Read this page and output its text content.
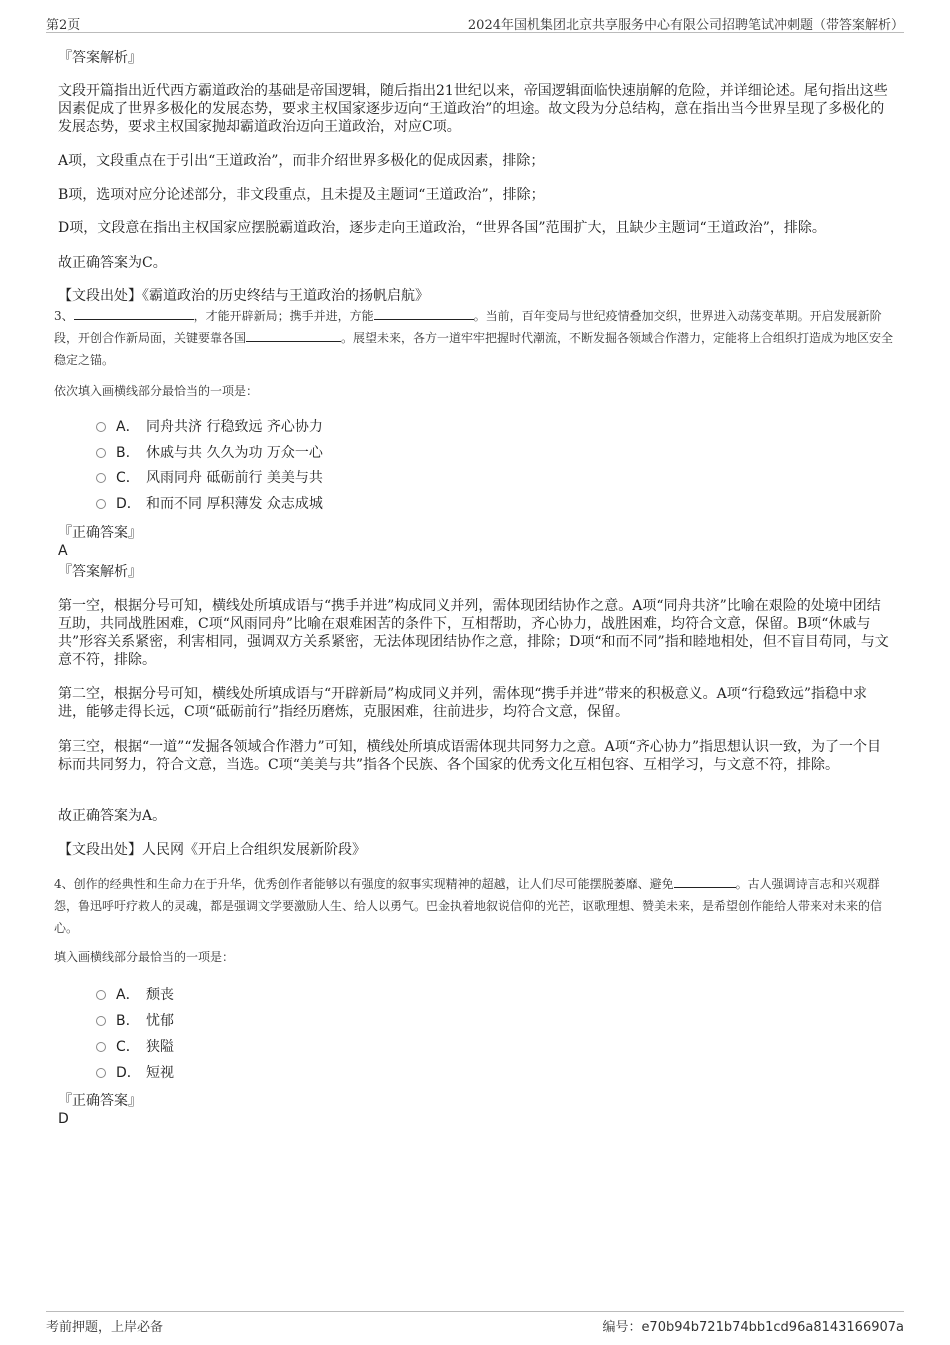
第2页	2024年国机集团北京共享服务中心有限公司招聘笔试冲刺题（带答案解析）
『答案解析』
文段开篇指出近代西方霸道政治的基础是帝国逻辑，随后指出21世纪以来，帝国逻辑面临快速崩解的危险，并详细论述。尾句指出这些因素促成了世界多极化的发展态势，要求主权国家逐步迈向“王道政治”的坦途。故文段为分总结构，意在指出当今世界呈现了多极化的发展态势，要求主权国家抛却霸道政治迈向王道政治，对应C项。
A项，文段重点在于引出“王道政治”，而非介绍世界多极化的促成因素，排除；
B项，选项对应分论述部分，非文段重点，且未提及主题词“王道政治”，排除；
D项，文段意在指出主权国家应摆脱霸道政治，逐步走向王道政治，“世界各国”范围扩大，且缺少主题词“王道政治”，排除。
故正确答案为C。
【文段出处】《霸道政治的历史终结与王道政治的扬帆启航》
3、	，才能开辟新局；携手并进，方能	。当前，百年变局与世纪疫情叠加交织，世界进入动荡变革期。开启发展新阶段，开创合作新局面，关键要靠各国	。展望未来，各方一道牢牢把握时代潮流，不断发掘各领域合作潜力，定能将上合组织打造成为地区安全稳定之锚。
依次填入画横线部分最恰当的一项是：
A． 同舟共济 行稳致远 齐心协力
B. 休戚与共 久久为功 万众一心
C． 风雨同舟 砥砺前行 美美与共
D． 和而不同 厚积薄发 众志成城
『正确答案』
A
『答案解析』
第一空，根据分号可知，横线处所填成语与“携手并进”构成同义并列，需体现团结协作之意。A项“同舟共济”比喻在艰险的处境中团结互助，共同战胜困难，C项“风雨同舟”比喻在艰难困苦的条件下，互相帮助，齐心协力，战胜困难，均符合文意，保留。B项“休戚与共”形容关系紧密，利害相同，强调双方关系紧密，无法体现团结协作之意，排除；D项“和而不同”指和睦地相处，但不盲目苟同，与文意不符，排除。
第二空，根据分号可知，横线处所填成语与“开辟新局”构成同义并列，需体现“携手并进”带来的积极意义。A项“行稳致远”指稳中求进，能够走得长远，C项“砥砺前行”指经历磨炼，克服困难，往前进步，均符合文意，保留。
第三空，根据“一道”“发掘各领域合作潜力”可知，横线处所填成语需体现共同努力之意。A项“齐心协力”指思想认识一致，为了一个目标而共同努力，符合文意，当选。C项“美美与共”指各个民族、各个国家的优秀文化互相包容、互相学习，与文意不符，排除。
故正确答案为A。
【文段出处】人民网《开启上合组织发展新阶段》
4、创作的经典性和生命力在于升华，优秀创作者能够以有强度的叙事实现精神的超越，让人们尽可能摆脱萎靡、避免	。古人强调诗言志和兴观群怨，鲁迅呼吁疗救人的灵魂，都是强调文学要激励人生、给人以勇气。巴金执着地叙说信仰的光芒，讴歌理想、赞美未来，是希望创作能给人带来对未来的信心。
填入画横线部分最恰当的一项是：
A． 颓丧
B. 忧郁
C． 狭隘
D． 短视
『正确答案』
D
考前押题，上岸必备	编号：e70b94b721b74bb1cd96a8143166907a
